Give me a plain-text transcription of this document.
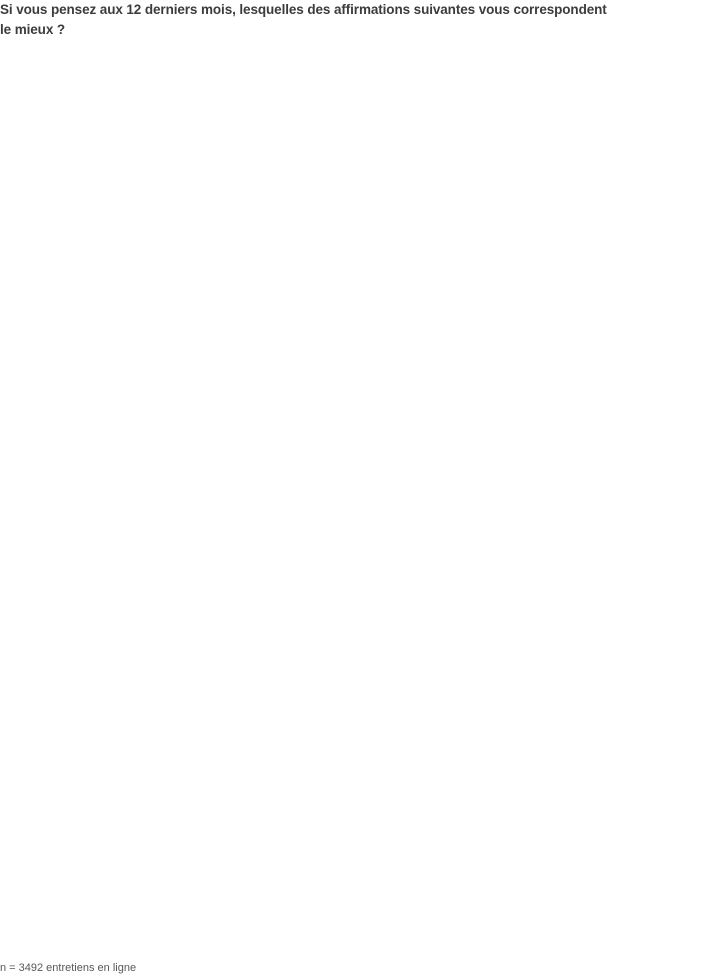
Si vous pensez aux 12 derniers mois, lesquelles des affirmations suivantes vous correspondent le mieux ?
n = 3492 entretiens en ligne
